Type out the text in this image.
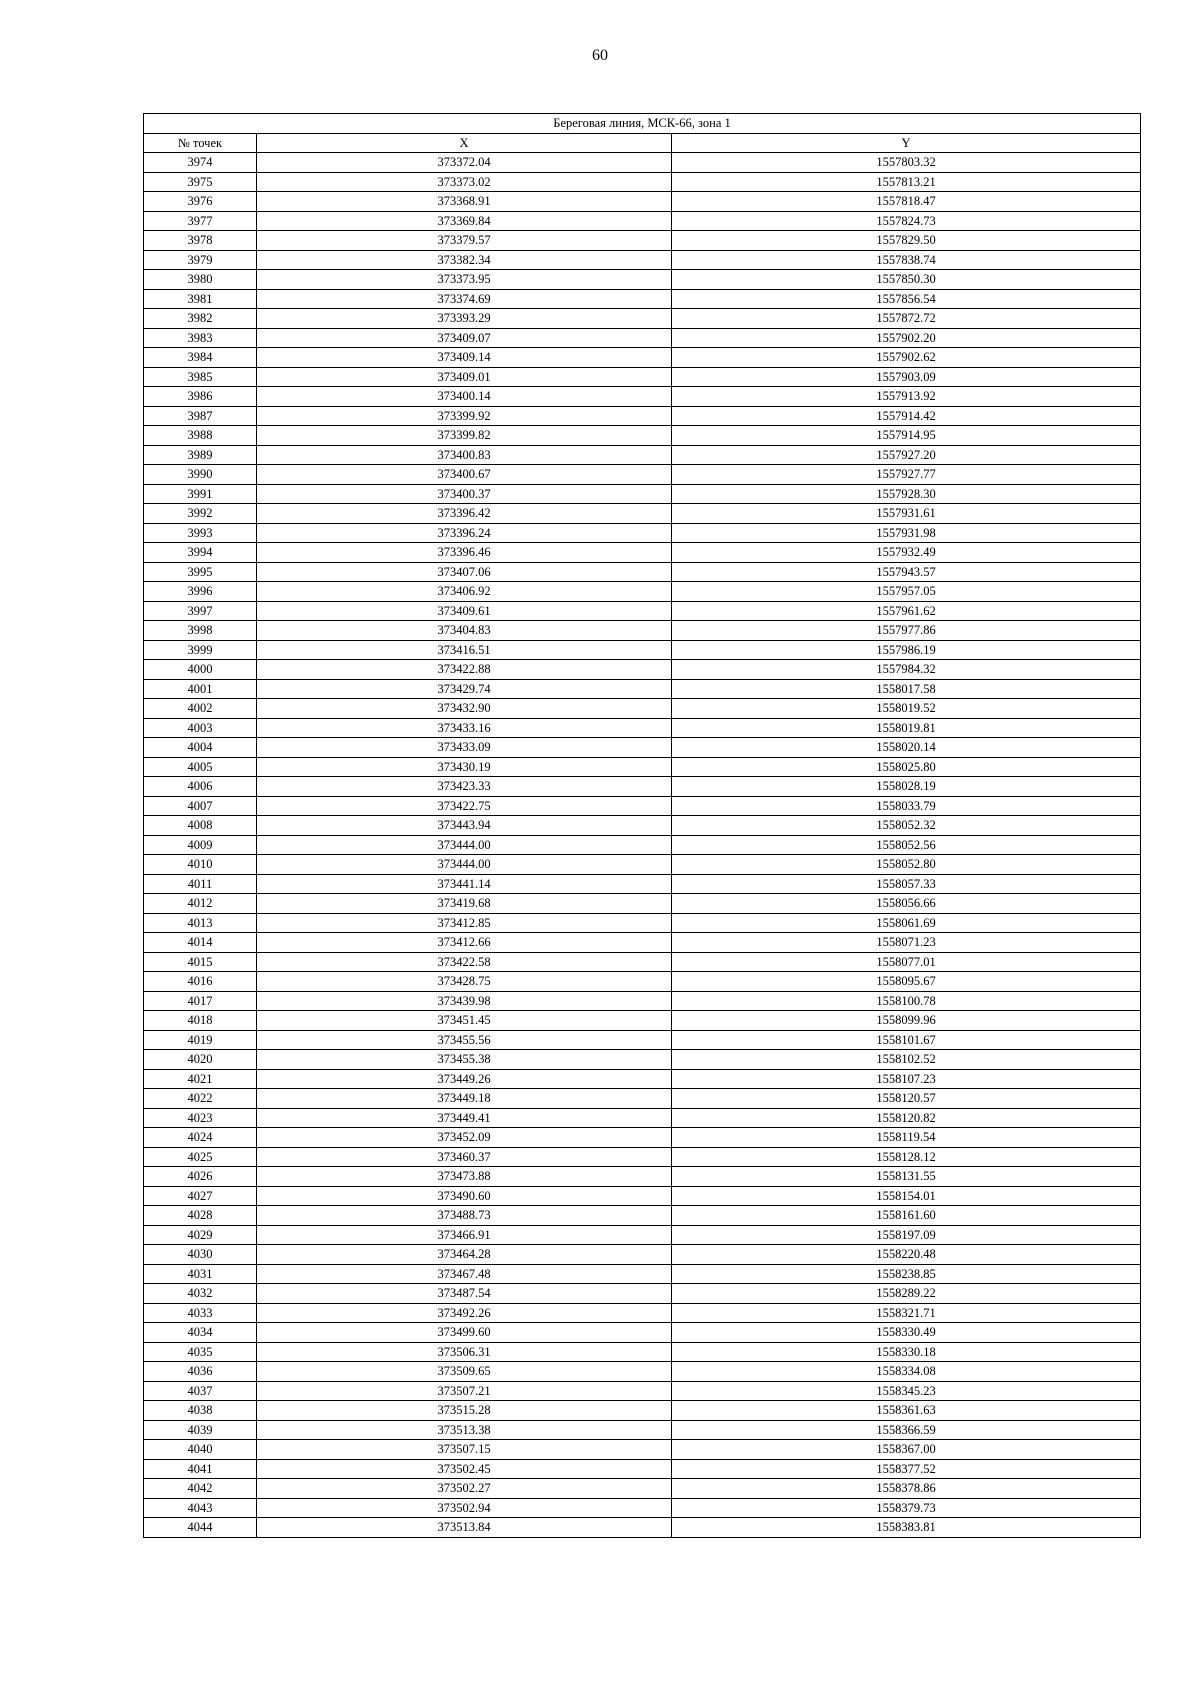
60
Береговая линия, МСК-66, зона 1		
№ точек	X	Y
3974	373372.04	1557803.32
3975	373373.02	1557813.21
3976	373368.91	1557818.47
3977	373369.84	1557824.73
3978	373379.57	1557829.50
3979	373382.34	1557838.74
3980	373373.95	1557850.30
3981	373374.69	1557856.54
3982	373393.29	1557872.72
3983	373409.07	1557902.20
3984	373409.14	1557902.62
3985	373409.01	1557903.09
3986	373400.14	1557913.92
3987	373399.92	1557914.42
3988	373399.82	1557914.95
3989	373400.83	1557927.20
3990	373400.67	1557927.77
3991	373400.37	1557928.30
3992	373396.42	1557931.61
3993	373396.24	1557931.98
3994	373396.46	1557932.49
3995	373407.06	1557943.57
3996	373406.92	1557957.05
3997	373409.61	1557961.62
3998	373404.83	1557977.86
3999	373416.51	1557986.19
4000	373422.88	1557984.32
4001	373429.74	1558017.58
4002	373432.90	1558019.52
4003	373433.16	1558019.81
4004	373433.09	1558020.14
4005	373430.19	1558025.80
4006	373423.33	1558028.19
4007	373422.75	1558033.79
4008	373443.94	1558052.32
4009	373444.00	1558052.56
4010	373444.00	1558052.80
4011	373441.14	1558057.33
4012	373419.68	1558056.66
4013	373412.85	1558061.69
4014	373412.66	1558071.23
4015	373422.58	1558077.01
4016	373428.75	1558095.67
4017	373439.98	1558100.78
4018	373451.45	1558099.96
4019	373455.56	1558101.67
4020	373455.38	1558102.52
4021	373449.26	1558107.23
4022	373449.18	1558120.57
4023	373449.41	1558120.82
4024	373452.09	1558119.54
4025	373460.37	1558128.12
4026	373473.88	1558131.55
4027	373490.60	1558154.01
4028	373488.73	1558161.60
4029	373466.91	1558197.09
4030	373464.28	1558220.48
4031	373467.48	1558238.85
4032	373487.54	1558289.22
4033	373492.26	1558321.71
4034	373499.60	1558330.49
4035	373506.31	1558330.18
4036	373509.65	1558334.08
4037	373507.21	1558345.23
4038	373515.28	1558361.63
4039	373513.38	1558366.59
4040	373507.15	1558367.00
4041	373502.45	1558377.52
4042	373502.27	1558378.86
4043	373502.94	1558379.73
4044	373513.84	1558383.81
